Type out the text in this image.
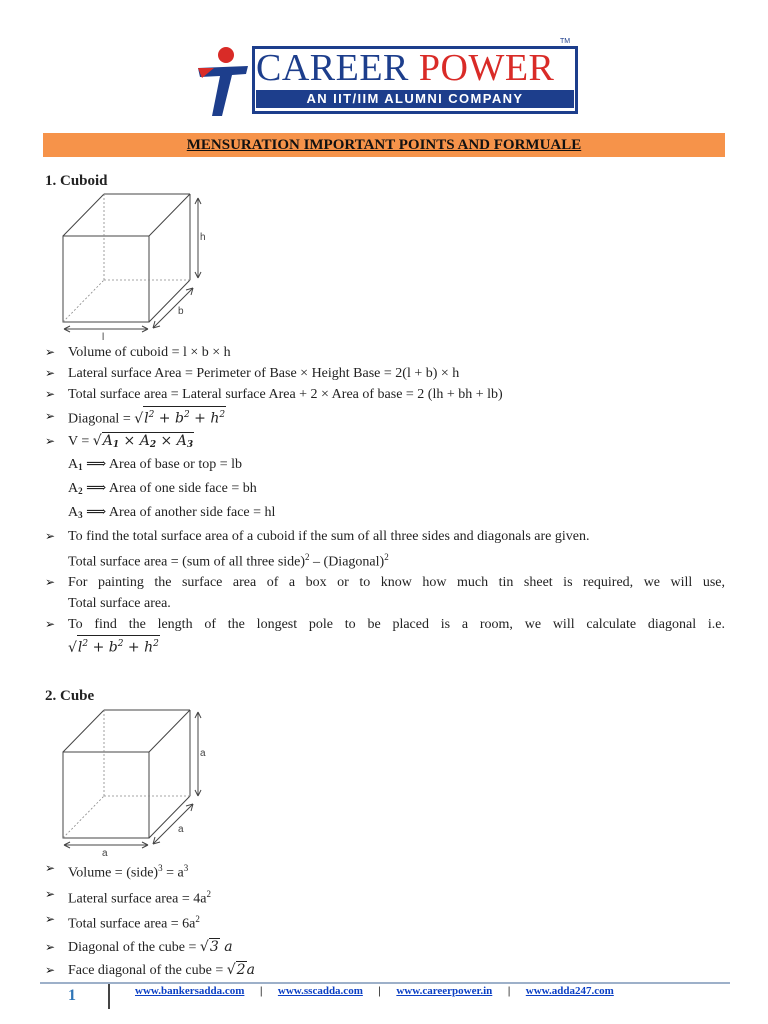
CAREER POWER
TM
AN IIT/IIM ALUMNI COMPANY
MENSURATION IMPORTANT POINTS AND FORMUALE
1. Cuboid
h
b
l
➢ Volume of cuboid = l × b × h
➢ Lateral surface Area = Perimeter of Base × Height Base = 2(l + b) × h
➢ Total surface area = Lateral surface Area + 2 × Area of base = 2 (lh + bh + lb)
➢ Diagonal = $√l^2 + b^2 + h^2$
➢ $V = √A_1 \times A_2 \times A_3$
$A_1$ ⟹ Area of base or top = lb
$A_2$ ⟹ Area of one side face = bh
$A_3$ ⟹ Area of another side face = hl
➢ To find the total surface area of a cuboid if the sum of all three sides and diagonals are given.
Total surface area = (sum of all three side)$^2$ – (Diagonal)$^2$
➢ For painting the surface area of a box or to know how much tin sheet is required, we will use,
Total surface area.
➢ To find the length of the longest pole to be placed is a room, we will calculate diagonal i.e.
$√l^2 + b^2 + h^2$
2. Cube
a
a
a
➢ Volume = (side)$^3$ = $a^3$
➢ Lateral surface area = $4a^2$
➢ Total surface area = $6a^2$
➢ Diagonal of the cube = √3 a
➢ Face diagonal of the cube = √2a
1	www.bankersadda.com | www.sscadda.com | www.careerpower.in | www.adda247.com
